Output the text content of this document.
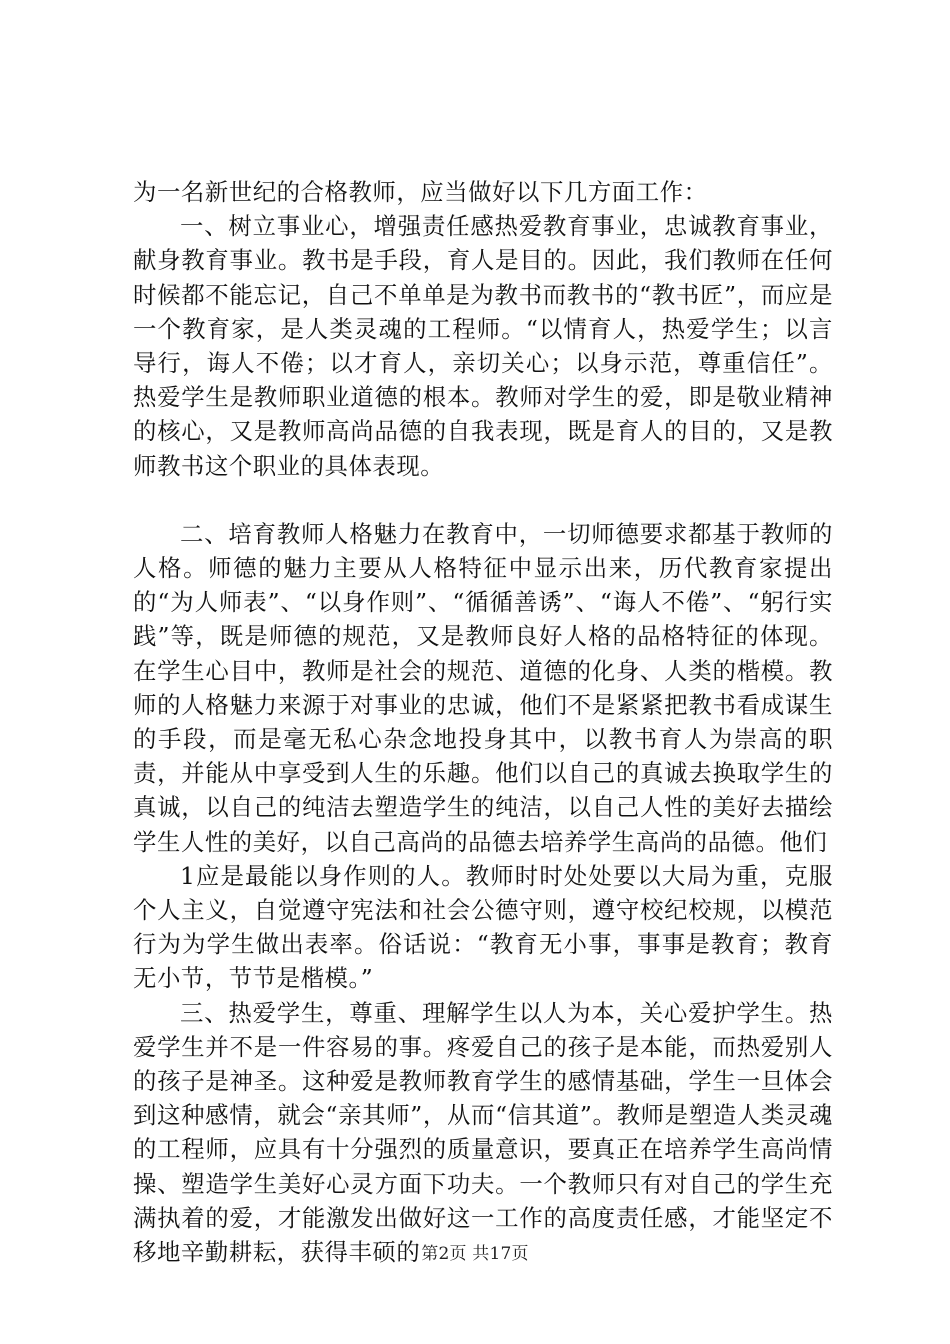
为一名新世纪的合格教师，应当做好以下几方面工作：

一、树立事业心，增强责任感热爱教育事业，忠诚教育事业，献身教育事业。教书是手段，育人是目的。因此，我们教师在任何时候都不能忘记，自己不单单是为教书而教书的“教书匠”，而应是一个教育家，是人类灵魂的工程师。“以情育人，热爱学生；以言导行，诲人不倦；以才育人，亲切关心；以身示范，尊重信任”。热爱学生是教师职业道德的根本。教师对学生的爱，即是敬业精神的核心，又是教师高尚品德的自我表现，既是育人的目的，又是教师教书这个职业的具体表现。

二、培育教师人格魅力在教育中，一切师德要求都基于教师的人格。师德的魅力主要从人格特征中显示出来，历代教育家提出的“为人师表”、“以身作则”、“循循善诱”、“诲人不倦”、“躬行实践”等，既是师德的规范，又是教师良好人格的品格特征的体现。在学生心目中，教师是社会的规范、道德的化身、人类的楷模。教师的人格魅力来源于对事业的忠诚，他们不是紧紧把教书看成谋生的手段，而是毫无私心杂念地投身其中，以教书育人为崇高的职责，并能从中享受到人生的乐趣。他们以自己的真诚去换取学生的真诚，以自己的纯洁去塑造学生的纯洁，以自己人性的美好去描绘学生人性的美好，以自己高尚的品德去培养学生高尚的品德。他们

1应是最能以身作则的人。教师时时处处要以大局为重，克服个人主义，自觉遵守宪法和社会公德守则，遵守校纪校规，以模范行为为学生做出表率。俗话说：“教育无小事，事事是教育；教育无小节，节节是楷模。”

三、热爱学生，尊重、理解学生以人为本，关心爱护学生。热爱学生并不是一件容易的事。疼爱自己的孩子是本能，而热爱别人的孩子是神圣。这种爱是教师教育学生的感情基础，学生一旦体会到这种感情，就会“亲其师”，从而“信其道”。教师是塑造人类灵魂的工程师，应具有十分强烈的质量意识，要真正在培养学生高尚情操、塑造学生美好心灵方面下功夫。一个教师只有对自己的学生充满执着的爱，才能激发出做好这一工作的高度责任感，才能坚定不移地辛勤耕耘，获得丰硕的 第2页 共17页
